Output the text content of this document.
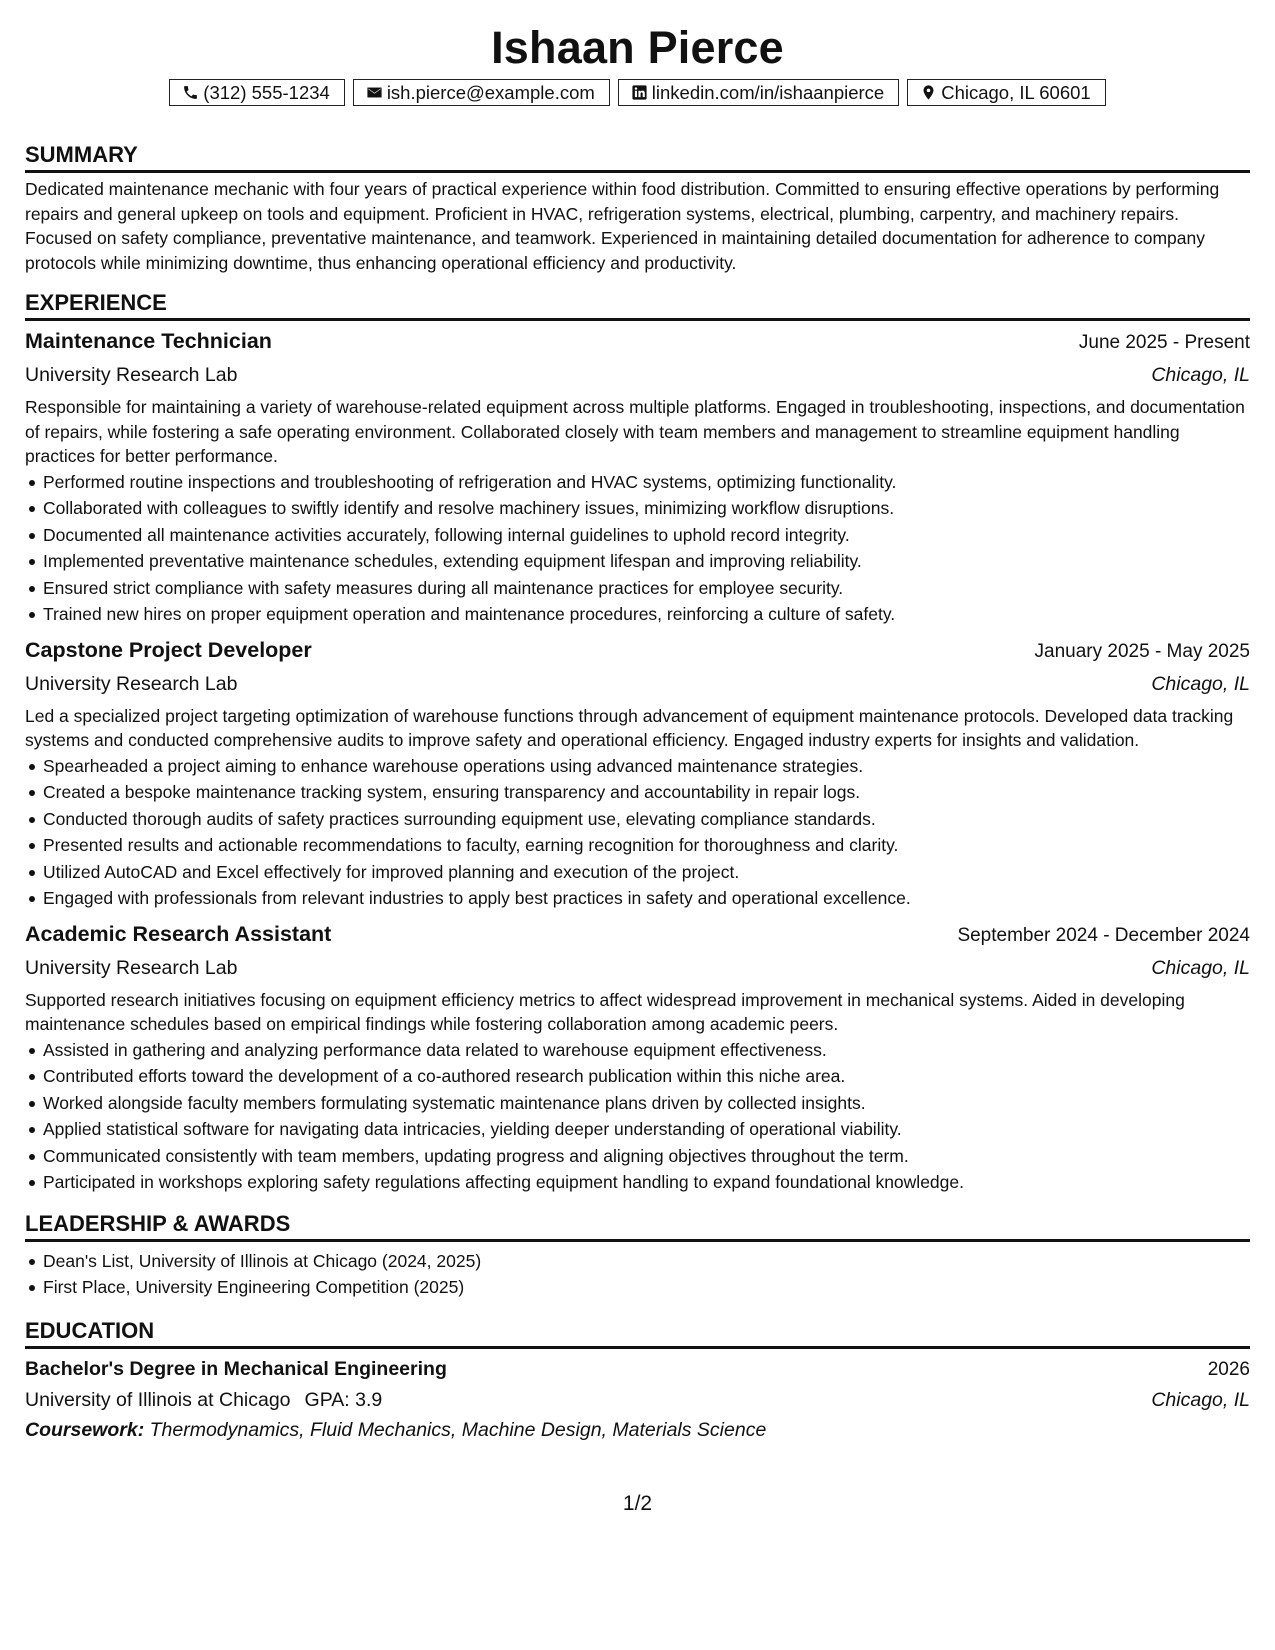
Ishaan Pierce
(312) 555-1234	ish.pierce@example.com	linkedin.com/in/ishaanpierce	Chicago, IL 60601
SUMMARY

Dedicated maintenance mechanic with four years of practical experience within food distribution. Committed to ensuring effective operations by performing repairs and general upkeep on tools and equipment. Proficient in HVAC, refrigeration systems, electrical, plumbing, carpentry, and machinery repairs. Focused on safety compliance, preventative maintenance, and teamwork. Experienced in maintaining detailed documentation for adherence to company protocols while minimizing downtime, thus enhancing operational efficiency and productivity.

EXPERIENCE
Maintenance Technician	June 2025 - Present
University Research Lab	Chicago, IL

Responsible for maintaining a variety of warehouse-related equipment across multiple platforms. Engaged in troubleshooting, inspections, and documentation of repairs, while fostering a safe operating environment. Collaborated closely with team members and management to streamline equipment handling practices for better performance.

Performed routine inspections and troubleshooting of refrigeration and HVAC systems, optimizing functionality.
Collaborated with colleagues to swiftly identify and resolve machinery issues, minimizing workflow disruptions.
Documented all maintenance activities accurately, following internal guidelines to uphold record integrity.
Implemented preventative maintenance schedules, extending equipment lifespan and improving reliability.
Ensured strict compliance with safety measures during all maintenance practices for employee security.
Trained new hires on proper equipment operation and maintenance procedures, reinforcing a culture of safety.
Capstone Project Developer	January 2025 - May 2025
University Research Lab	Chicago, IL

Led a specialized project targeting optimization of warehouse functions through advancement of equipment maintenance protocols. Developed data tracking systems and conducted comprehensive audits to improve safety and operational efficiency. Engaged industry experts for insights and validation.

Spearheaded a project aiming to enhance warehouse operations using advanced maintenance strategies.
Created a bespoke maintenance tracking system, ensuring transparency and accountability in repair logs.
Conducted thorough audits of safety practices surrounding equipment use, elevating compliance standards.
Presented results and actionable recommendations to faculty, earning recognition for thoroughness and clarity.
Utilized AutoCAD and Excel effectively for improved planning and execution of the project.
Engaged with professionals from relevant industries to apply best practices in safety and operational excellence.
Academic Research Assistant	September 2024 - December 2024
University Research Lab	Chicago, IL

Supported research initiatives focusing on equipment efficiency metrics to affect widespread improvement in mechanical systems. Aided in developing maintenance schedules based on empirical findings while fostering collaboration among academic peers.

Assisted in gathering and analyzing performance data related to warehouse equipment effectiveness.
Contributed efforts toward the development of a co-authored research publication within this niche area.
Worked alongside faculty members formulating systematic maintenance plans driven by collected insights.
Applied statistical software for navigating data intricacies, yielding deeper understanding of operational viability.
Communicated consistently with team members, updating progress and aligning objectives throughout the term.
Participated in workshops exploring safety regulations affecting equipment handling to expand foundational knowledge.
LEADERSHIP & AWARDS
Dean's List, University of Illinois at Chicago (2024, 2025)
First Place, University Engineering Competition (2025)
EDUCATION
Bachelor's Degree in Mechanical Engineering	2026
University of Illinois at Chicago GPA: 3.9	Chicago, IL
Coursework: Thermodynamics, Fluid Mechanics, Machine Design, Materials Science
1/2
